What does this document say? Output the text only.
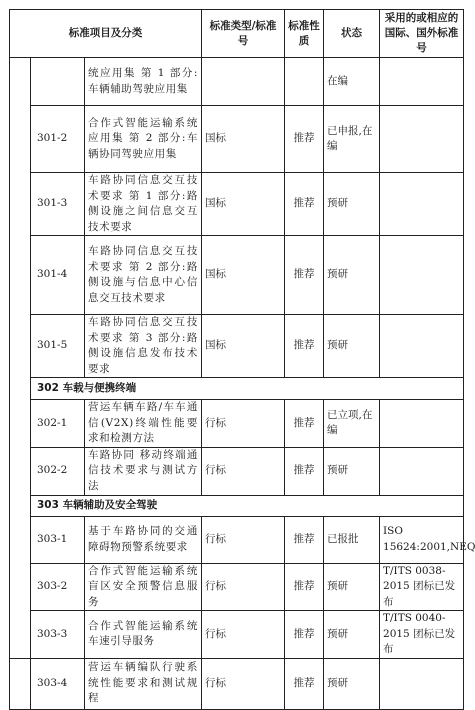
标准项目及分类			标准类型/标准号	标准性质	状态	采用的或相应的国际、国外标准号
		统应用集 第 1 部分:车辆辅助驾驶应用集			在编	
	301-2	合作式智能运输系统应用集 第 2 部分:车辆协同驾驶应用集	国标	推荐	已申报,在编	
	301-3	车路协同信息交互技术要求 第 1 部分:路侧设施之间信息交互技术要求	国标	推荐	预研	
	301-4	车路协同信息交互技术要求 第 2 部分:路侧设施与信息中心信息交互技术要求	国标	推荐	预研	
	301-5	车路协同信息交互技术要求 第 3 部分:路侧设施信息发布技术要求	国标	推荐	预研	
	302 车载与便携终端					
	302-1	营运车辆车路/车车通信(V2X)终端性能要求和检测方法	行标	推荐	已立项,在编	
	302-2	车路协同 移动终端通信技术要求与测试方法	行标	推荐	预研	
	303 车辆辅助及安全驾驶					
	303-1	基于车路协同的交通障碍物预警系统要求	行标	推荐	已报批	ISO 15624:2001,NEQ
	303-2	合作式智能运输系统盲区安全预警信息服务	行标	推荐	预研	T/ITS 0038-2015 团标已发布
	303-3	合作式智能运输系统车速引导服务	行标	推荐	预研	T/ITS 0040-2015 团标已发布
	303-4	营运车辆编队行驶系统性能要求和测试规程	行标	推荐	预研	
